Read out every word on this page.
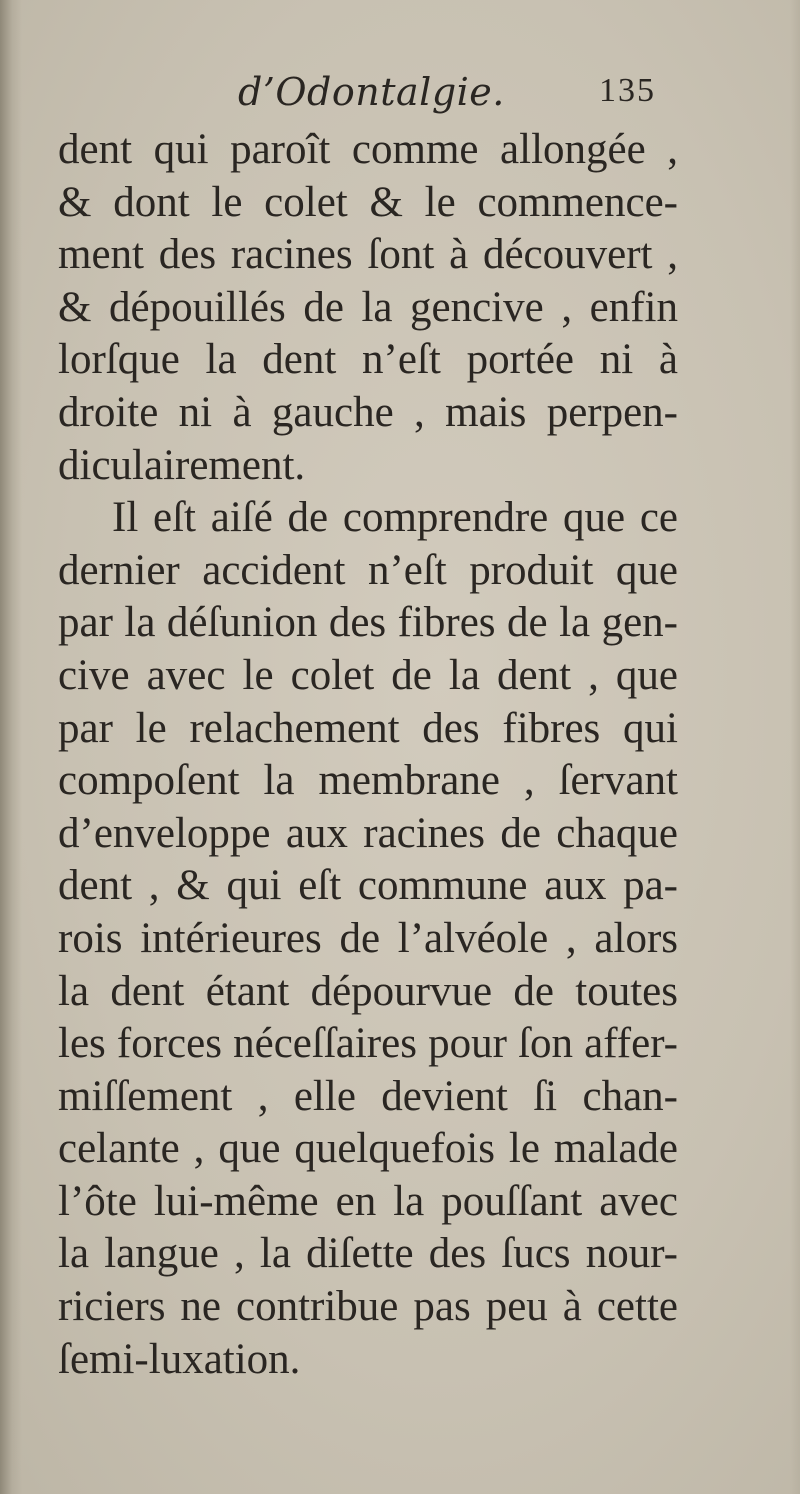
d’Odontalgie.	135
dent qui paroît comme allongée ,
& dont le colet & le commence-
ment des racines ſont à découvert ,
& dépouillés de la gencive , enfin
lorſque la dent n’eſt portée ni à
droite ni à gauche , mais perpen-
diculairement.
Il eſt aiſé de comprendre que ce
dernier accident n’eſt produit que
par la déſunion des fibres de la gen-
cive avec le colet de la dent , que
par le relachement des fibres qui
compoſent la membrane , ſervant
d’enveloppe aux racines de chaque
dent , & qui eſt commune aux pa-
rois intérieures de l’alvéole , alors
la dent étant dépourvue de toutes
les forces néceſſaires pour ſon affer-
miſſement , elle devient ſi chan-
celante , que quelquefois le malade
l’ôte lui-même en la pouſſant avec
la langue , la diſette des ſucs nour-
riciers ne contribue pas peu à cette
ſemi-luxation.
